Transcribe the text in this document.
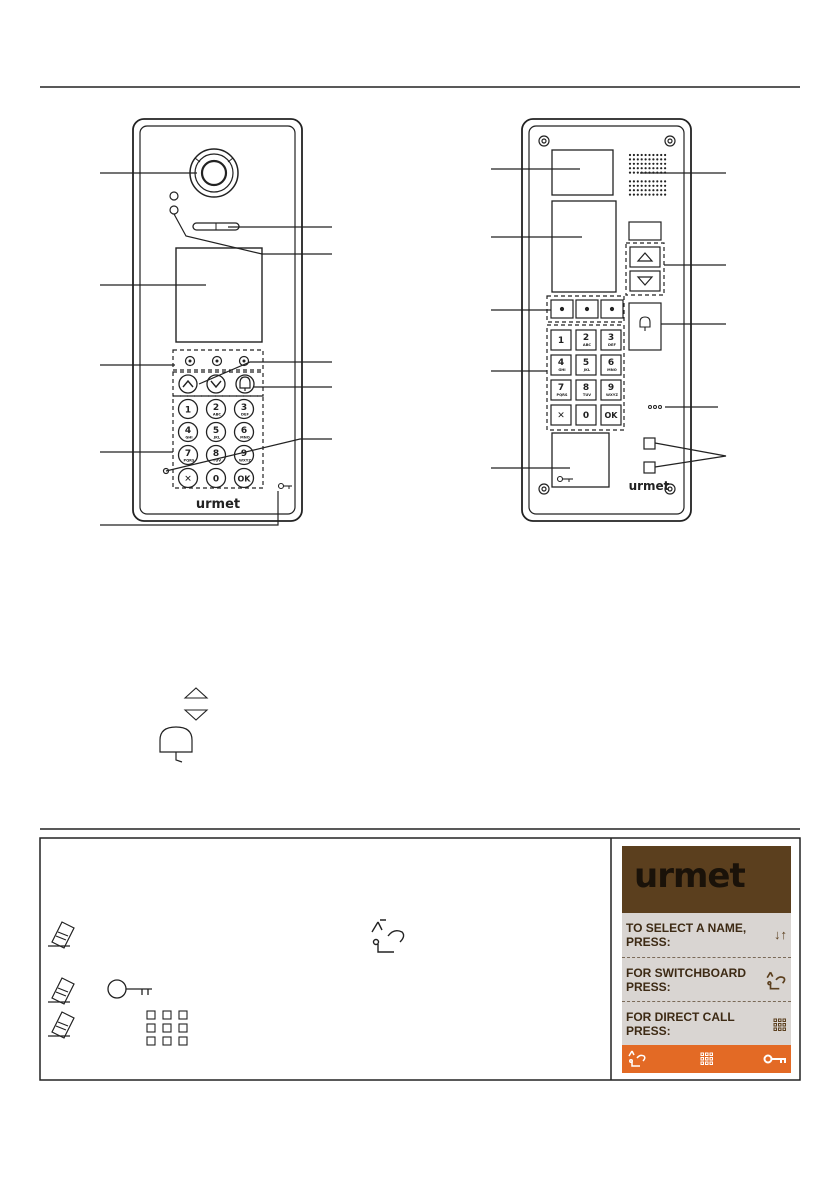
1 2
ABC
3
DEF
4
GHI
5
JKL
6
MNO
7
PQRS
8
TUV
9
WXYZ
✕ 0 OK
urmet
1 2
ABC
3
DEF
4
GHI
5
JKL
6
MNO
7
PQRS
8
TUV
9
WXYZ
✕ 0 OK
urmet
urmet
TO SELECT A NAME,
PRESS:	↓↑
FOR SWITCHBOARD
PRESS:
FOR DIRECT CALL
PRESS:
